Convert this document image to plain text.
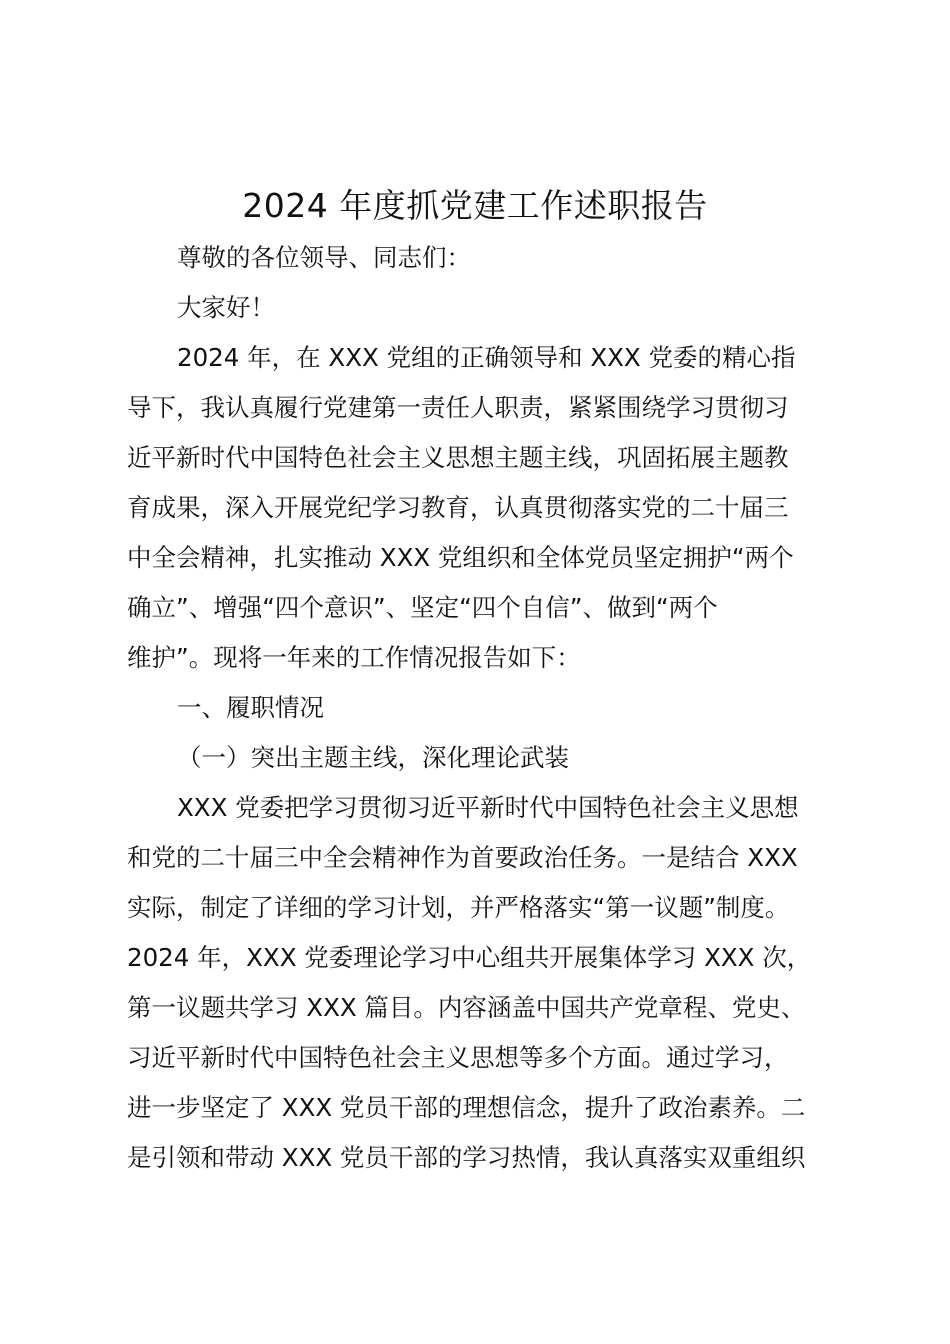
2024 年度抓党建工作述职报告
尊敬的各位领导、同志们：
大家好！
2024 年，在 XXX 党组的正确领导和 XXX 党委的精心指
导下，我认真履行党建第一责任人职责，紧紧围绕学习贯彻习
近平新时代中国特色社会主义思想主题主线，巩固拓展主题教
育成果，深入开展党纪学习教育，认真贯彻落实党的二十届三
中全会精神，扎实推动 XXX 党组织和全体党员坚定拥护“两个
确立”、增强“四个意识”、坚定“四个自信”、做到“两个
维护”。现将一年来的工作情况报告如下：
一、履职情况
（一）突出主题主线，深化理论武装
XXX 党委把学习贯彻习近平新时代中国特色社会主义思想
和党的二十届三中全会精神作为首要政治任务。一是结合 XXX
实际，制定了详细的学习计划，并严格落实“第一议题”制度。
2024 年，XXX 党委理论学习中心组共开展集体学习 XXX 次，
第一议题共学习 XXX 篇目。内容涵盖中国共产党章程、党史、
习近平新时代中国特色社会主义思想等多个方面。通过学习，
进一步坚定了 XXX 党员干部的理想信念，提升了政治素养。二
是引领和带动 XXX 党员干部的学习热情，我认真落实双重组织
